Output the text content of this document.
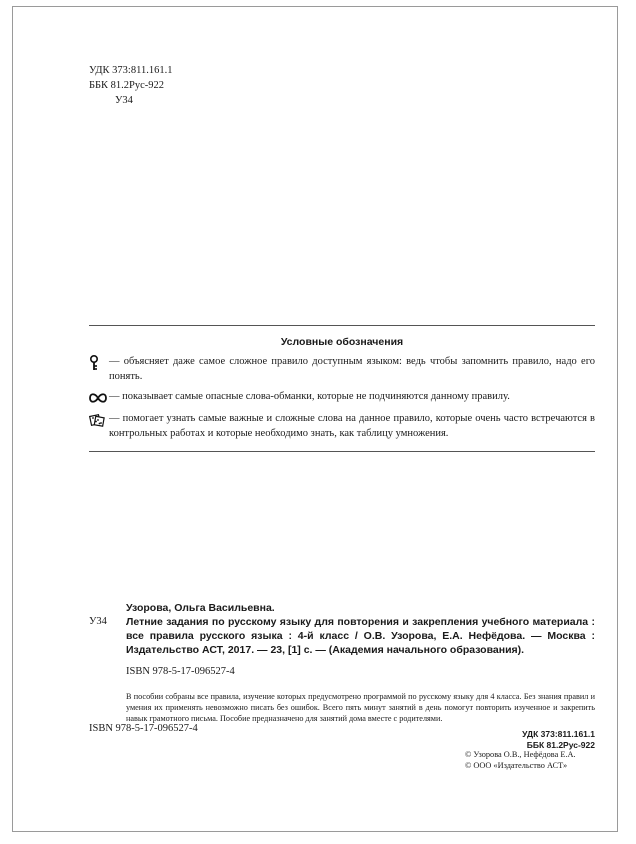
УДК 373:811.161.1
ББК 81.2Рус-922
У34
Условные обозначения
— объясняет даже самое сложное правило доступным языком: ведь чтобы запомнить правило, надо его понять.
— показывает самые опасные слова-обманки, которые не подчиняются данному правилу.
— помогает узнать самые важные и сложные слова на данное правило, которые очень часто встречаются в контрольных работах и которые необходимо знать, как таблицу умножения.
Узорова, Ольга Васильевна.
У34	Летние задания по русскому языку для повторения и закрепления учебного материала : все правила русского языка : 4-й класс / О.В. Узорова, Е.А. Нефёдова. — Москва : Издательство АСТ, 2017. — 23, [1] с. — (Академия начального образования).
ISBN 978-5-17-096527-4
В пособии собраны все правила, изучение которых предусмотрено программой по русскому языку для 4 класса. Без знания правил и умения их применять невозможно писать без ошибок. Всего пять минут занятий в день помогут повторить изученное и закрепить навык грамотного письма. Пособие предназначено для занятий дома вместе с родителями.
УДК 373:811.161.1
ББК 81.2Рус-922
ISBN 978-5-17-096527-4
© Узорова О.В., Нефёдова Е.А.
© ООО «Издательство АСТ»
